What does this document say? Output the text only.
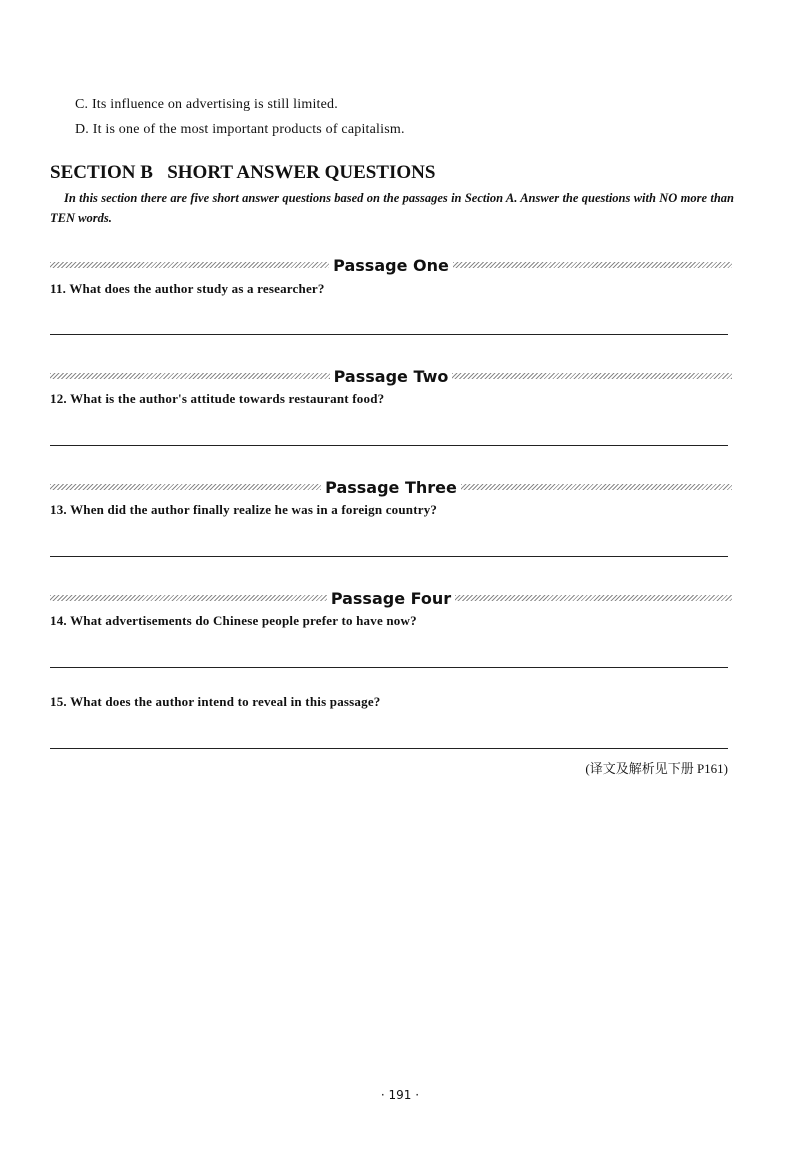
C. Its influence on advertising is still limited.
D. It is one of the most important products of capitalism.
SECTION B   SHORT ANSWER QUESTIONS
In this section there are five short answer questions based on the passages in Section A. Answer the questions with NO more than TEN words.
Passage One
11. What does the author study as a researcher?
Passage Two
12. What is the author's attitude towards restaurant food?
Passage Three
13. When did the author finally realize he was in a foreign country?
Passage Four
14. What advertisements do Chinese people prefer to have now?
15. What does the author intend to reveal in this passage?
(译文及解析见下册 P161)
· 191 ·
